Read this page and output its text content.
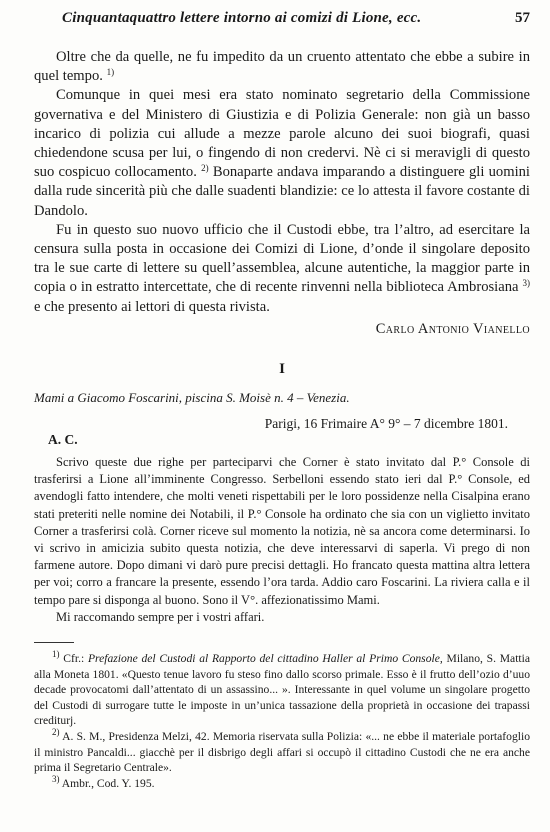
Cinquantaquattro lettere intorno ai comizi di Lione, ecc.	57

Oltre che da quelle, ne fu impedito da un cruento attentato che ebbe a subire in quel tempo. $^{1)}$

Comunque in quei mesi era stato nominato segretario della Commissione governativa e del Ministero di Giustizia e di Polizia Generale: non già un basso incarico di polizia cui allude a mezze parole alcuno dei suoi biografi, quasi chiedendone scusa per lui, o fingendo di non credervi. Nè ci si meravigli di questo suo cospicuo collocamento. $^{2)}$ Bonaparte andava imparando a distinguere gli uomini dalla rude sincerità più che dalle suadenti blandizie: ce lo attesta il favore costante di Dandolo.

Fu in questo suo nuovo ufficio che il Custodi ebbe, tra l’altro, ad esercitare la censura sulla posta in occasione dei Comizi di Lione, d’onde il singolare deposito tra le sue carte di lettere su quell’assemblea, alcune autentiche, la maggior parte in copia o in estratto intercettate, che di recente rinvenni nella biblioteca Ambrosiana $^{3)}$ e che presento ai lettori di questa rivista.

Carlo Antonio Vianello
I
Mami a Giacomo Foscarini, piscina S. Moisè n. 4 – Venezia.
Parigi, 16 Frimaire A° 9° – 7 dicembre 1801.
A. C.

Scrivo queste due righe per parteciparvi che Corner è stato invitato dal P.° Console di trasferirsi a Lione all’imminente Congresso. Serbelloni essendo stato ieri dal P.° Console, ed avendogli fatto intendere, che molti veneti rispettabili per le loro possidenze nella Cisalpina erano stati preteriti nelle nomine dei Notabili, il P.° Console ha ordinato che sia con un viglietto invitato Corner a trasferirsi colà. Corner riceve sul momento la notizia, nè sa ancora come determinarsi. Io vi scrivo in amicizia subito questa notizia, che deve interessarvi di saperla. Vi prego di non farmene autore. Dopo dimani vi darò pure precisi dettagli. Ho francato questa mattina altra lettera per voi; corro a francare la presente, essendo l’ora tarda. Addio caro Foscarini. La riviera calla e il tempo pare si disponga al buono. Sono il V°. affezionatissimo Mami.

Mi raccomando sempre per i vostri affari.

$^{1)}$ Cfr.: Prefazione del Custodi al Rapporto del cittadino Haller al Primo Console, Milano, S. Mattia alla Moneta 1801. «Questo tenue lavoro fu steso fino dallo scorso primale. Esso è il frutto dell’ozio d’uuo decade provocatomi dall’attentato di un assassino... ». Interessante in quel volume un singolare progetto del Custodi di surrogare tutte le imposte in un’unica tassazione della proprietà in occasione dei trapassi crediturj.

$^{2)}$ A. S. M., Presidenza Melzi, 42. Memoria riservata sulla Polizia: «... ne ebbe il materiale portafoglio il ministro Pancaldi... giacchè per il disbrigo degli affari si occupò il cittadino Custodi che ne era anche prima il Segretario Centrale».

$^{3)}$ Ambr., Cod. Y. 195.
